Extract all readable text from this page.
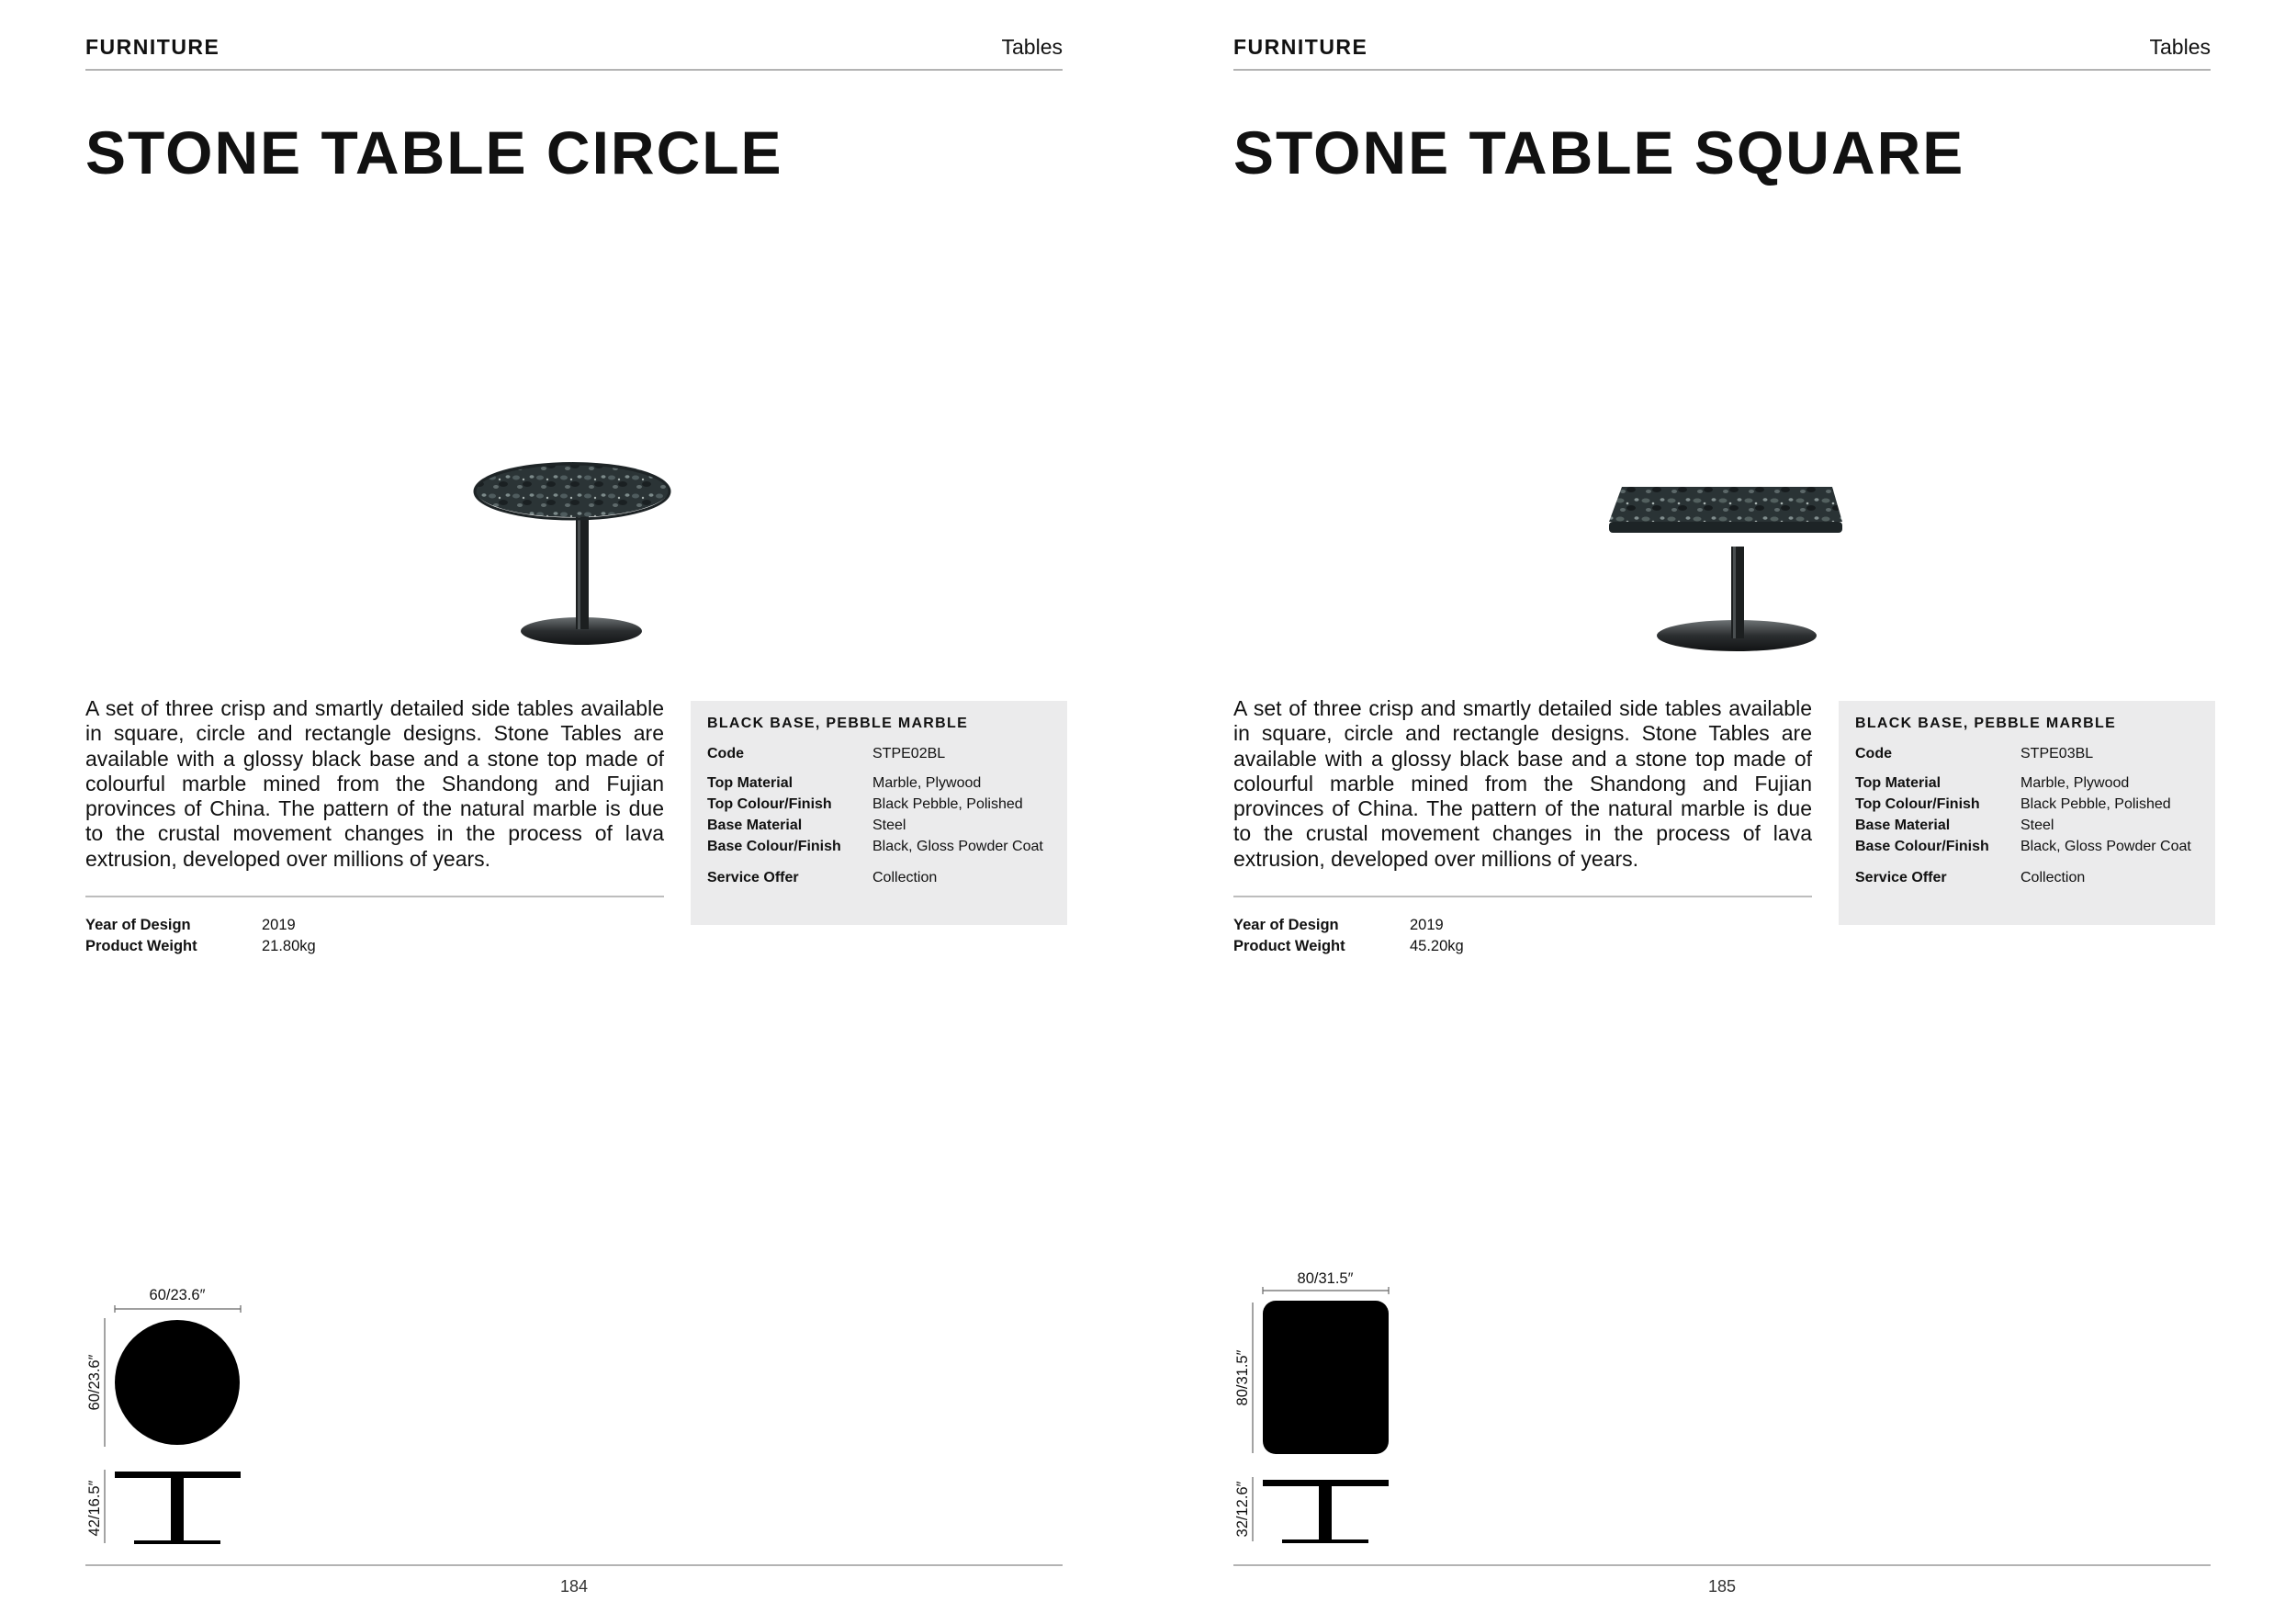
FURNITURE	Tables
STONE TABLE CIRCLE

A set of three crisp and smartly detailed side tables available in square, circle and rectangle designs. Stone Tables are available with a glossy black base and a stone top made of colourful marble mined from the Shandong and Fujian provinces of China. The pattern of the natural marble is due to the crustal movement changes in the process of lava extrusion, developed over millions of years.

Year of Design	2019
Product Weight	21.80kg
BLACK BASE, PEBBLE MARBLE
Code	STPE02BL
Top Material	Marble, Plywood
Top Colour/Finish	Black Pebble, Polished
Base Material	Steel
Base Colour/Finish	Black, Gloss Powder Coat
Service Offer	Collection
60/23.6″
60/23.6″
42/16.5″
184
FURNITURE	Tables
STONE TABLE SQUARE

A set of three crisp and smartly detailed side tables available in square, circle and rectangle designs. Stone Tables are available with a glossy black base and a stone top made of colourful marble mined from the Shandong and Fujian provinces of China. The pattern of the natural marble is due to the crustal movement changes in the process of lava extrusion, developed over millions of years.

Year of Design	2019
Product Weight	45.20kg
BLACK BASE, PEBBLE MARBLE
Code	STPE03BL
Top Material	Marble, Plywood
Top Colour/Finish	Black Pebble, Polished
Base Material	Steel
Base Colour/Finish	Black, Gloss Powder Coat
Service Offer	Collection
80/31.5″
80/31.5″
32/12.6″
185
